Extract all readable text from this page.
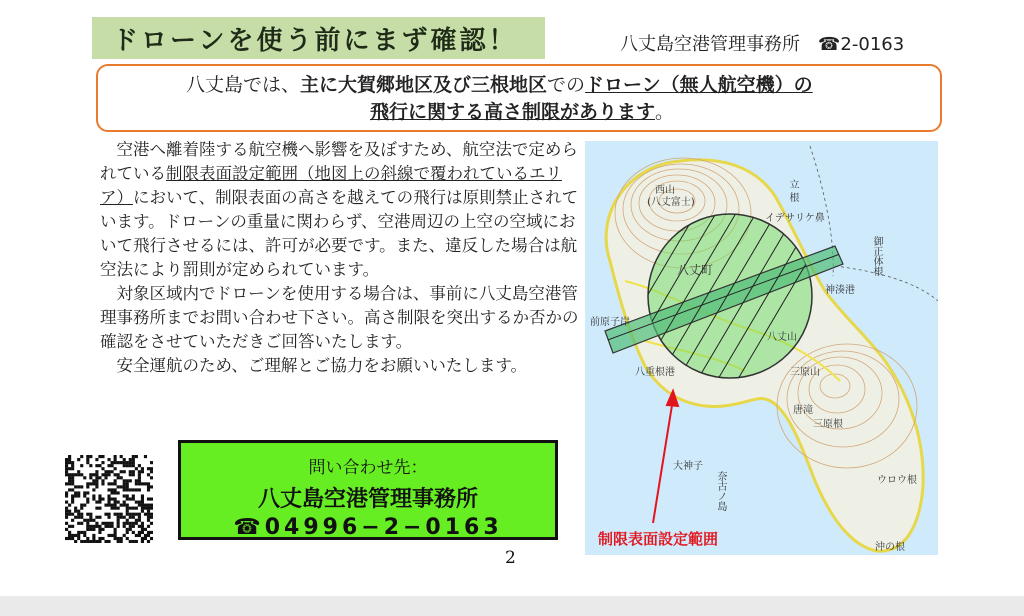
ドローンを使う前にまず確認！	八丈島空港管理事務所 ☎2-0163
八丈島では、主に大賀郷地区及び三根地区でのドローン（無人航空機）の
飛行に関する高さ制限があります。

　空港へ離着陸する航空機へ影響を及ぼすため、航空法で定められている制限表面設定範囲（地図上の斜線で覆われているエリア）において、制限表面の高さを越えての飛行は原則禁止されています。ドローンの重量に関わらず、空港周辺の上空の空域において飛行させるには、許可が必要です。また、違反した場合は航空法により罰則が定められています。

　対象区域内でドローンを使用する場合は、事前に八丈島空港管理事務所までお問い合わせ下さい。高さ制限を突出するか否かの確認をさせていただきご回答いたします。

　安全運航のため、ご理解とご協力をお願いいたします。

問い合わせ先：
八丈島空港管理事務所
☎04996−2−0163
2
西山
(八丈富士)
八丈町
立 根
イデサリケ鼻
御正体根
神湊港
八丈山
前原子岸
八重根港
大神子
三原山
唐滝
三原根
ウロウ根
沖の根
奈古ノ島
制限表面設定範囲
